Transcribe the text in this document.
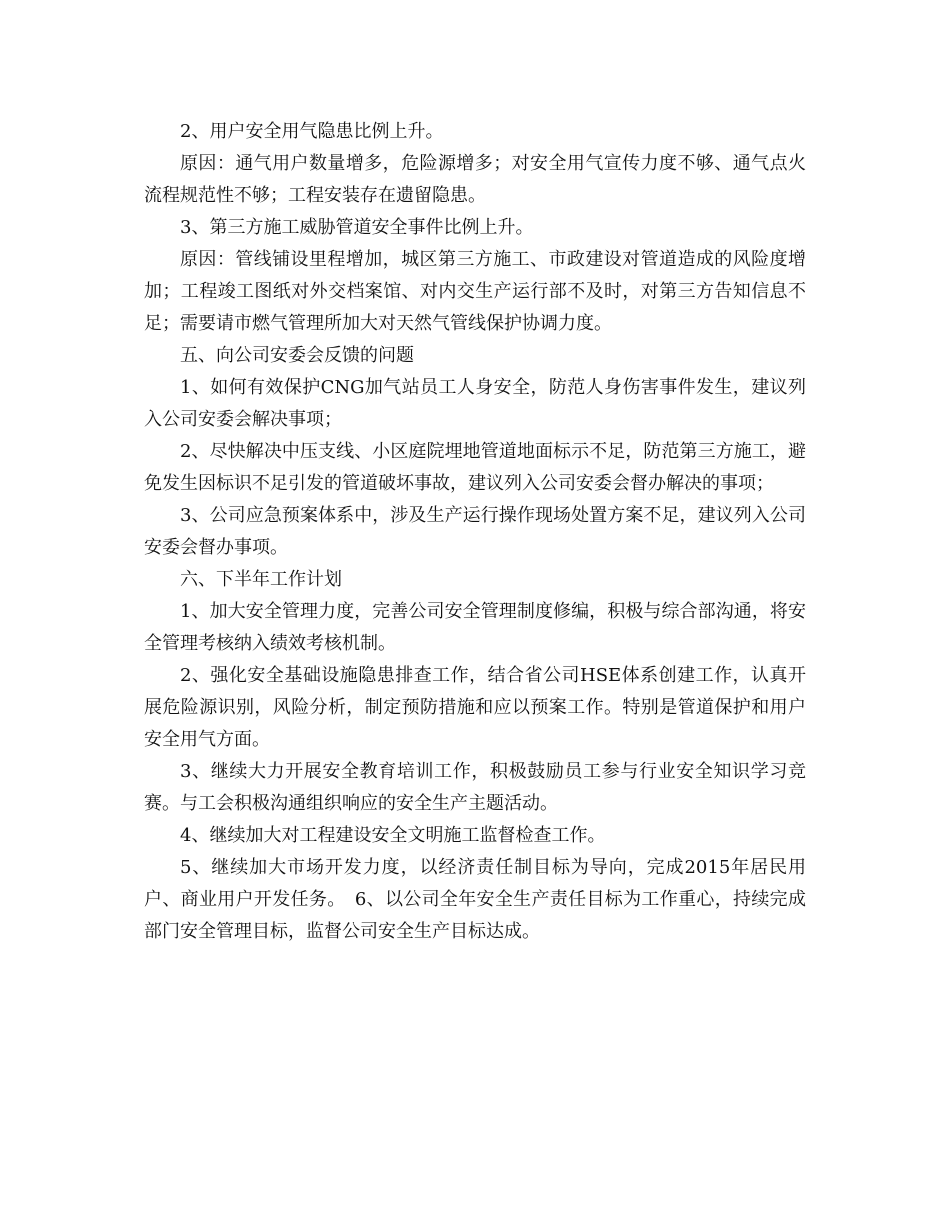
2、用户安全用气隐患比例上升。

原因：通气用户数量增多，危险源增多；对安全用气宣传力度不够、通气点火流程规范性不够；工程安装存在遗留隐患。

3、第三方施工威胁管道安全事件比例上升。

原因：管线铺设里程增加，城区第三方施工、市政建设对管道造成的风险度增加；工程竣工图纸对外交档案馆、对内交生产运行部不及时，对第三方告知信息不足；需要请市燃气管理所加大对天然气管线保护协调力度。

五、向公司安委会反馈的问题

1、如何有效保护CNG加气站员工人身安全，防范人身伤害事件发生，建议列入公司安委会解决事项；

2、尽快解决中压支线、小区庭院埋地管道地面标示不足，防范第三方施工，避免发生因标识不足引发的管道破坏事故，建议列入公司安委会督办解决的事项；

3、公司应急预案体系中，涉及生产运行操作现场处置方案不足，建议列入公司安委会督办事项。

六、下半年工作计划

1、加大安全管理力度，完善公司安全管理制度修编，积极与综合部沟通，将安全管理考核纳入绩效考核机制。

2、强化安全基础设施隐患排查工作，结合省公司HSE体系创建工作，认真开展危险源识别，风险分析，制定预防措施和应以预案工作。特别是管道保护和用户安全用气方面。

3、继续大力开展安全教育培训工作，积极鼓励员工参与行业安全知识学习竞赛。与工会积极沟通组织响应的安全生产主题活动。

4、继续加大对工程建设安全文明施工监督检查工作。

5、继续加大市场开发力度，以经济责任制目标为导向，完成2015年居民用户、商业用户开发任务。　6、以公司全年安全生产责任目标为工作重心，持续完成部门安全管理目标，监督公司安全生产目标达成。
